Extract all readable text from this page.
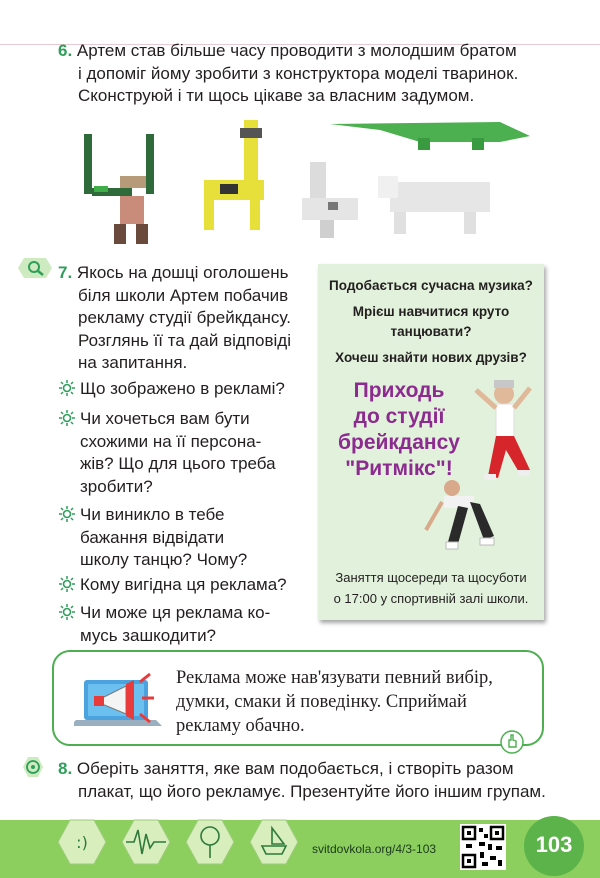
6. Артем став більше часу проводити з молодшим братом
і допоміг йому зробити з конструктора моделі тваринок.
Сконструюй і ти щось цікаве за власним задумом.
7. Якось на дошці оголошень
біля школи Артем побачив
рекламу студії брейкдансу.
Розглянь її та дай відповіді
на запитання.
Що зображено в рекламі?
Чи хочеться вам бути
схожими на її персона-
жів? Що для цього треба
зробити?
Чи виникло в тебе
бажання відвідати
школу танцю? Чому?
Кому вигідна ця реклама?
Чи може ця реклама ко-
мусь зашкодити?
Подобається сучасна музика?
Мрієш навчитися круто
танцювати?
Хочеш знайти нових друзів?
Приходь
до студії
брейкдансу
"Ритмікс"!
Заняття щосереди та щосуботи
о 17:00 у спортивній залі школи.
Реклама може нав'язувати певний вибір,
думки, смаки й поведінку. Сприймай
рекламу обачно.
8. Оберіть заняття, яке вам подобається, і створіть разом
плакат, що його рекламує. Презентуйте його іншим групам.
:)	svitdovkola.org/4/3-103	103
